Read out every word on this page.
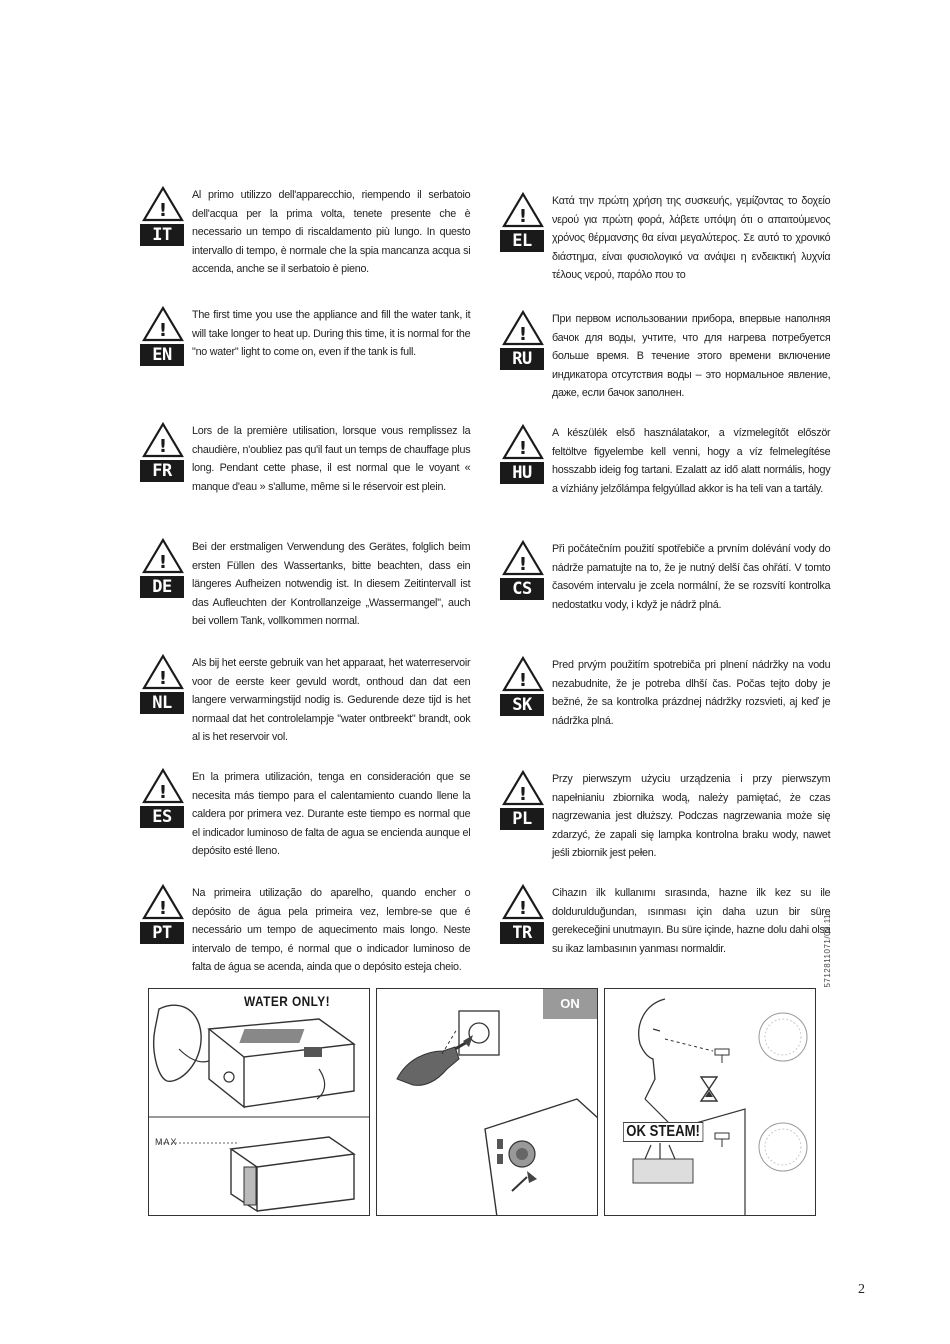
!
IT

Al primo utilizzo dell'apparecchio, riempendo il serbatoio dell'acqua per la prima volta, tenete presente che è necessario un tempo di riscaldamento più lungo. In questo intervallo di tempo, è normale che la spia mancanza acqua si accenda, anche se il serbatoio è pieno.

!
EN

The first time you use the appliance and fill the water tank, it will take longer to heat up. During this time, it is normal for the "no water" light to come on, even if the tank is full.

!
FR

Lors de la première utilisation, lorsque vous remplissez la chaudière, n'oubliez pas qu'il faut un temps de chauffage plus long. Pendant cette phase, il est normal que le voyant « manque d'eau » s'allume, même si le réservoir est plein.

!
DE

Bei der erstmaligen Verwendung des Gerätes, folglich beim ersten Füllen des Wassertanks, bitte beachten, dass ein längeres Aufheizen notwendig ist. In diesem Zeitintervall ist das Aufleuchten der Kontrollanzeige „Wassermangel", auch bei vollem Tank, vollkommen normal.

!
NL

Als bij het eerste gebruik van het apparaat, het waterreservoir voor de eerste keer gevuld wordt, onthoud dan dat een langere verwarmingstijd nodig is. Gedurende deze tijd is het normaal dat het controlelampje "water ontbreekt" brandt, ook al is het reservoir vol.

!
ES

En la primera utilización, tenga en consideración que se necesita más tiempo para el calentamiento cuando llene la caldera por primera vez. Durante este tiempo es normal que el indicador luminoso de falta de agua se encienda aunque el depósito esté lleno.

!
PT

Na primeira utilização do aparelho, quando encher o depósito de água pela primeira vez, lembre-se que é necessário um tempo de aquecimento mais longo. Neste intervalo de tempo, é normal que o indicador luminoso de falta de água se acenda, ainda que o depósito esteja cheio.

!
EL

Κατά την πρώτη χρήση της συσκευής, γεμίζοντας το δοχείο νερού για πρώτη φορά, λάβετε υπόψη ότι ο απαιτούμενος χρόνος θέρμανσης θα είναι μεγαλύτερος. Σε αυτό το χρονικό διάστημα, είναι φυσιολογικό να ανάψει η ενδεικτική λυχνία τέλους νερού, παρόλο που το

!
RU

При первом использовании прибора, впервые наполняя бачок для воды, учтите, что для нагрева потребуется больше время. В течение этого времени включение индикатора отсутствия воды – это нормальное явление, даже, если бачок заполнен.

!
HU

A készülék első használatakor, a vízmelegítőt először feltöltve figyelembe kell venni, hogy a víz felmelegítése hosszabb ideig fog tartani. Ezalatt az idő alatt normális, hogy a vízhiány jelzőlámpa felgyúllad akkor is ha teli van a tartály.

!
CS

Při počátečním použití spotřebiče a prvním dolévání vody do nádrže pamatujte na to, že je nutný delší čas ohřátí. V tomto časovém intervalu je zcela normální, že se rozsvítí kontrolka nedostatku vody, i když je nádrž plná.

!
SK

Pred prvým použitím spotrebiča pri plnení nádržky na vodu nezabudnite, že je potreba dlhší čas. Počas tejto doby je bežné, že sa kontrolka prázdnej nádržky rozsvieti, aj keď je nádržka plná.

!
PL

Przy pierwszym użyciu urządzenia i przy pierwszym napełnianiu zbiornika wodą, należy pamiętać, że czas nagrzewania jest dłuższy. Podczas nagrzewania może się zdarzyć, że zapali się lampka kontrolna braku wody, nawet jeśli zbiornik jest pełen.

!
TR

Cihazın ilk kullanımı sırasında, hazne ilk kez su ile doldurulduğundan, ısınması için daha uzun bir süre gerekeceğini unutmayın. Bu süre içinde, hazne dolu dahi olsa su ikaz lambasının yanması normaldir.

WATER ONLY!
MAX
ON
OK STEAM!
5712811071/02.11
2
